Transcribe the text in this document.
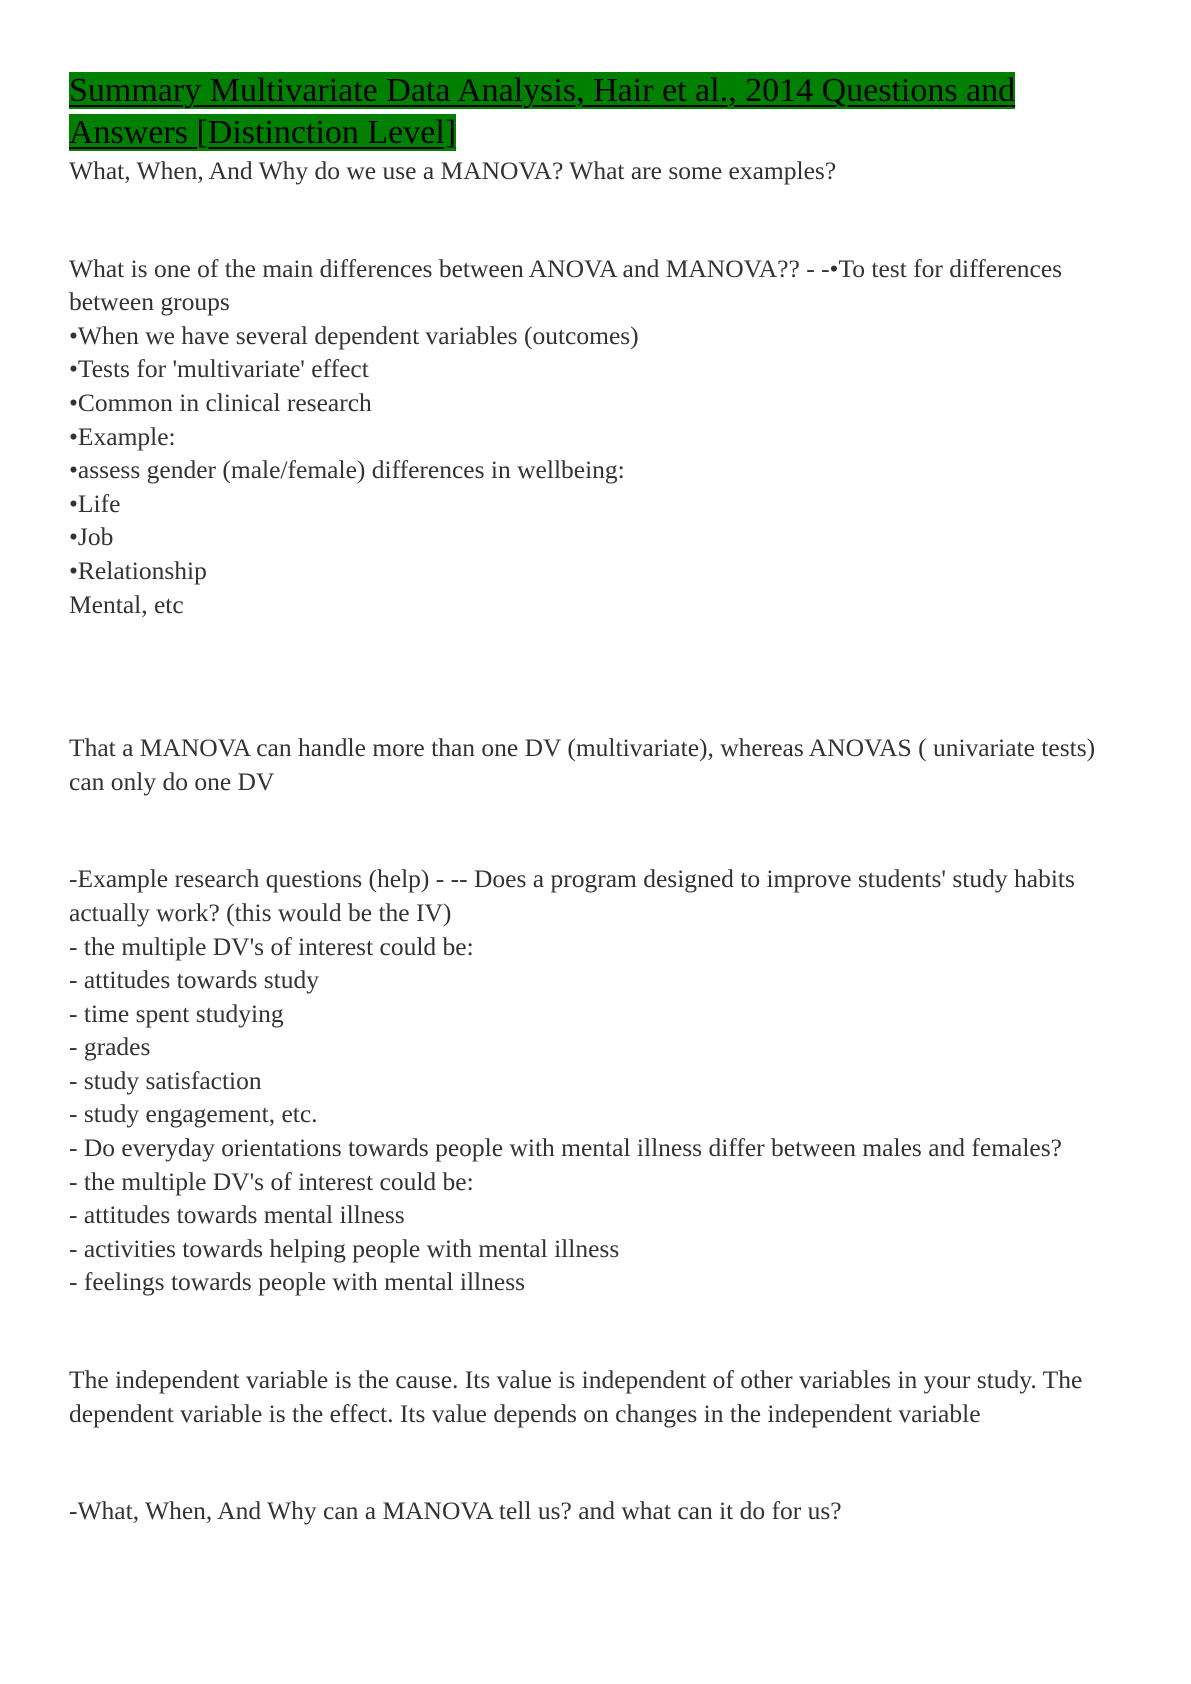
Summary Multivariate Data Analysis, Hair et al., 2014 Questions and Answers [Distinction Level]

What, When, And Why do we use a MANOVA? What are some examples?

What is one of the main differences between ANOVA and MANOVA?? - -•To test for differences between groups

•When we have several dependent variables (outcomes)

•Tests for 'multivariate' effect

•Common in clinical research

•Example:

•assess gender (male/female) differences in wellbeing:

•Life

•Job

•Relationship

Mental, etc

That a MANOVA can handle more than one DV (multivariate), whereas ANOVAS ( univariate tests) can only do one DV

-Example research questions (help) - -- Does a program designed to improve students' study habits actually work? (this would be the IV)

- the multiple DV's of interest could be:

- attitudes towards study

- time spent studying

- grades

- study satisfaction

- study engagement, etc.

- Do everyday orientations towards people with mental illness differ between males and females?

- the multiple DV's of interest could be:

- attitudes towards mental illness

- activities towards helping people with mental illness

- feelings towards people with mental illness

The independent variable is the cause. Its value is independent of other variables in your study. The dependent variable is the effect. Its value depends on changes in the independent variable

-What, When, And Why can a MANOVA tell us? and what can it do for us?
